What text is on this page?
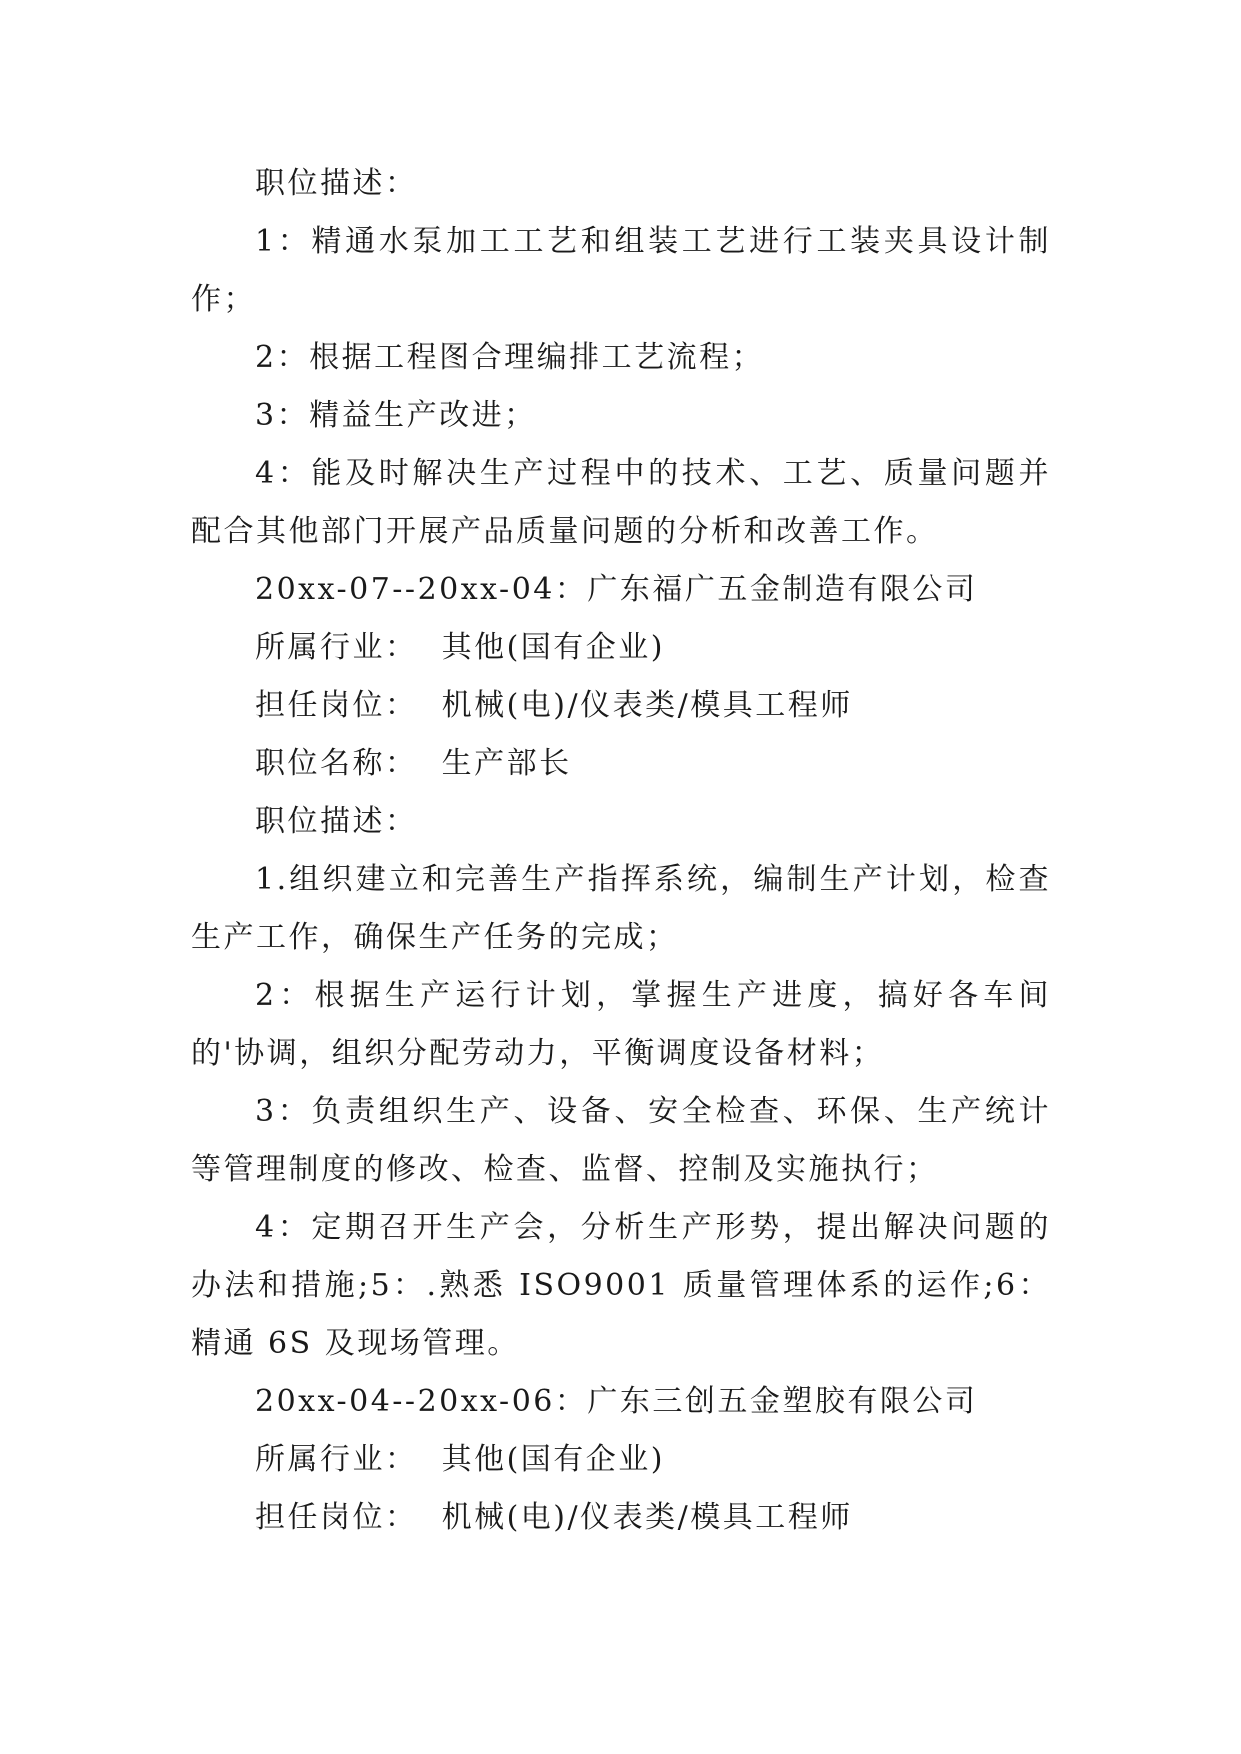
职位描述：

1：精通水泵加工工艺和组装工艺进行工装夹具设计制作；

2：根据工程图合理编排工艺流程；

3：精益生产改进；

4：能及时解决生产过程中的技术、工艺、质量问题并配合其他部门开展产品质量问题的分析和改善工作。

20xx-07--20xx-04：广东福广五金制造有限公司

所属行业：  其他(国有企业)

担任岗位：  机械(电)/仪表类/模具工程师

职位名称：  生产部长

职位描述：

1.组织建立和完善生产指挥系统，编制生产计划，检查生产工作，确保生产任务的完成；

2：根据生产运行计划，掌握生产进度，搞好各车间的'协调，组织分配劳动力，平衡调度设备材料；

3：负责组织生产、设备、安全检查、环保、生产统计等管理制度的修改、检查、监督、控制及实施执行；

4：定期召开生产会，分析生产形势，提出解决问题的办法和措施;5：.熟悉 ISO9001 质量管理体系的运作;6：精通 6S 及现场管理。

20xx-04--20xx-06：广东三创五金塑胶有限公司

所属行业：  其他(国有企业)

担任岗位：  机械(电)/仪表类/模具工程师
